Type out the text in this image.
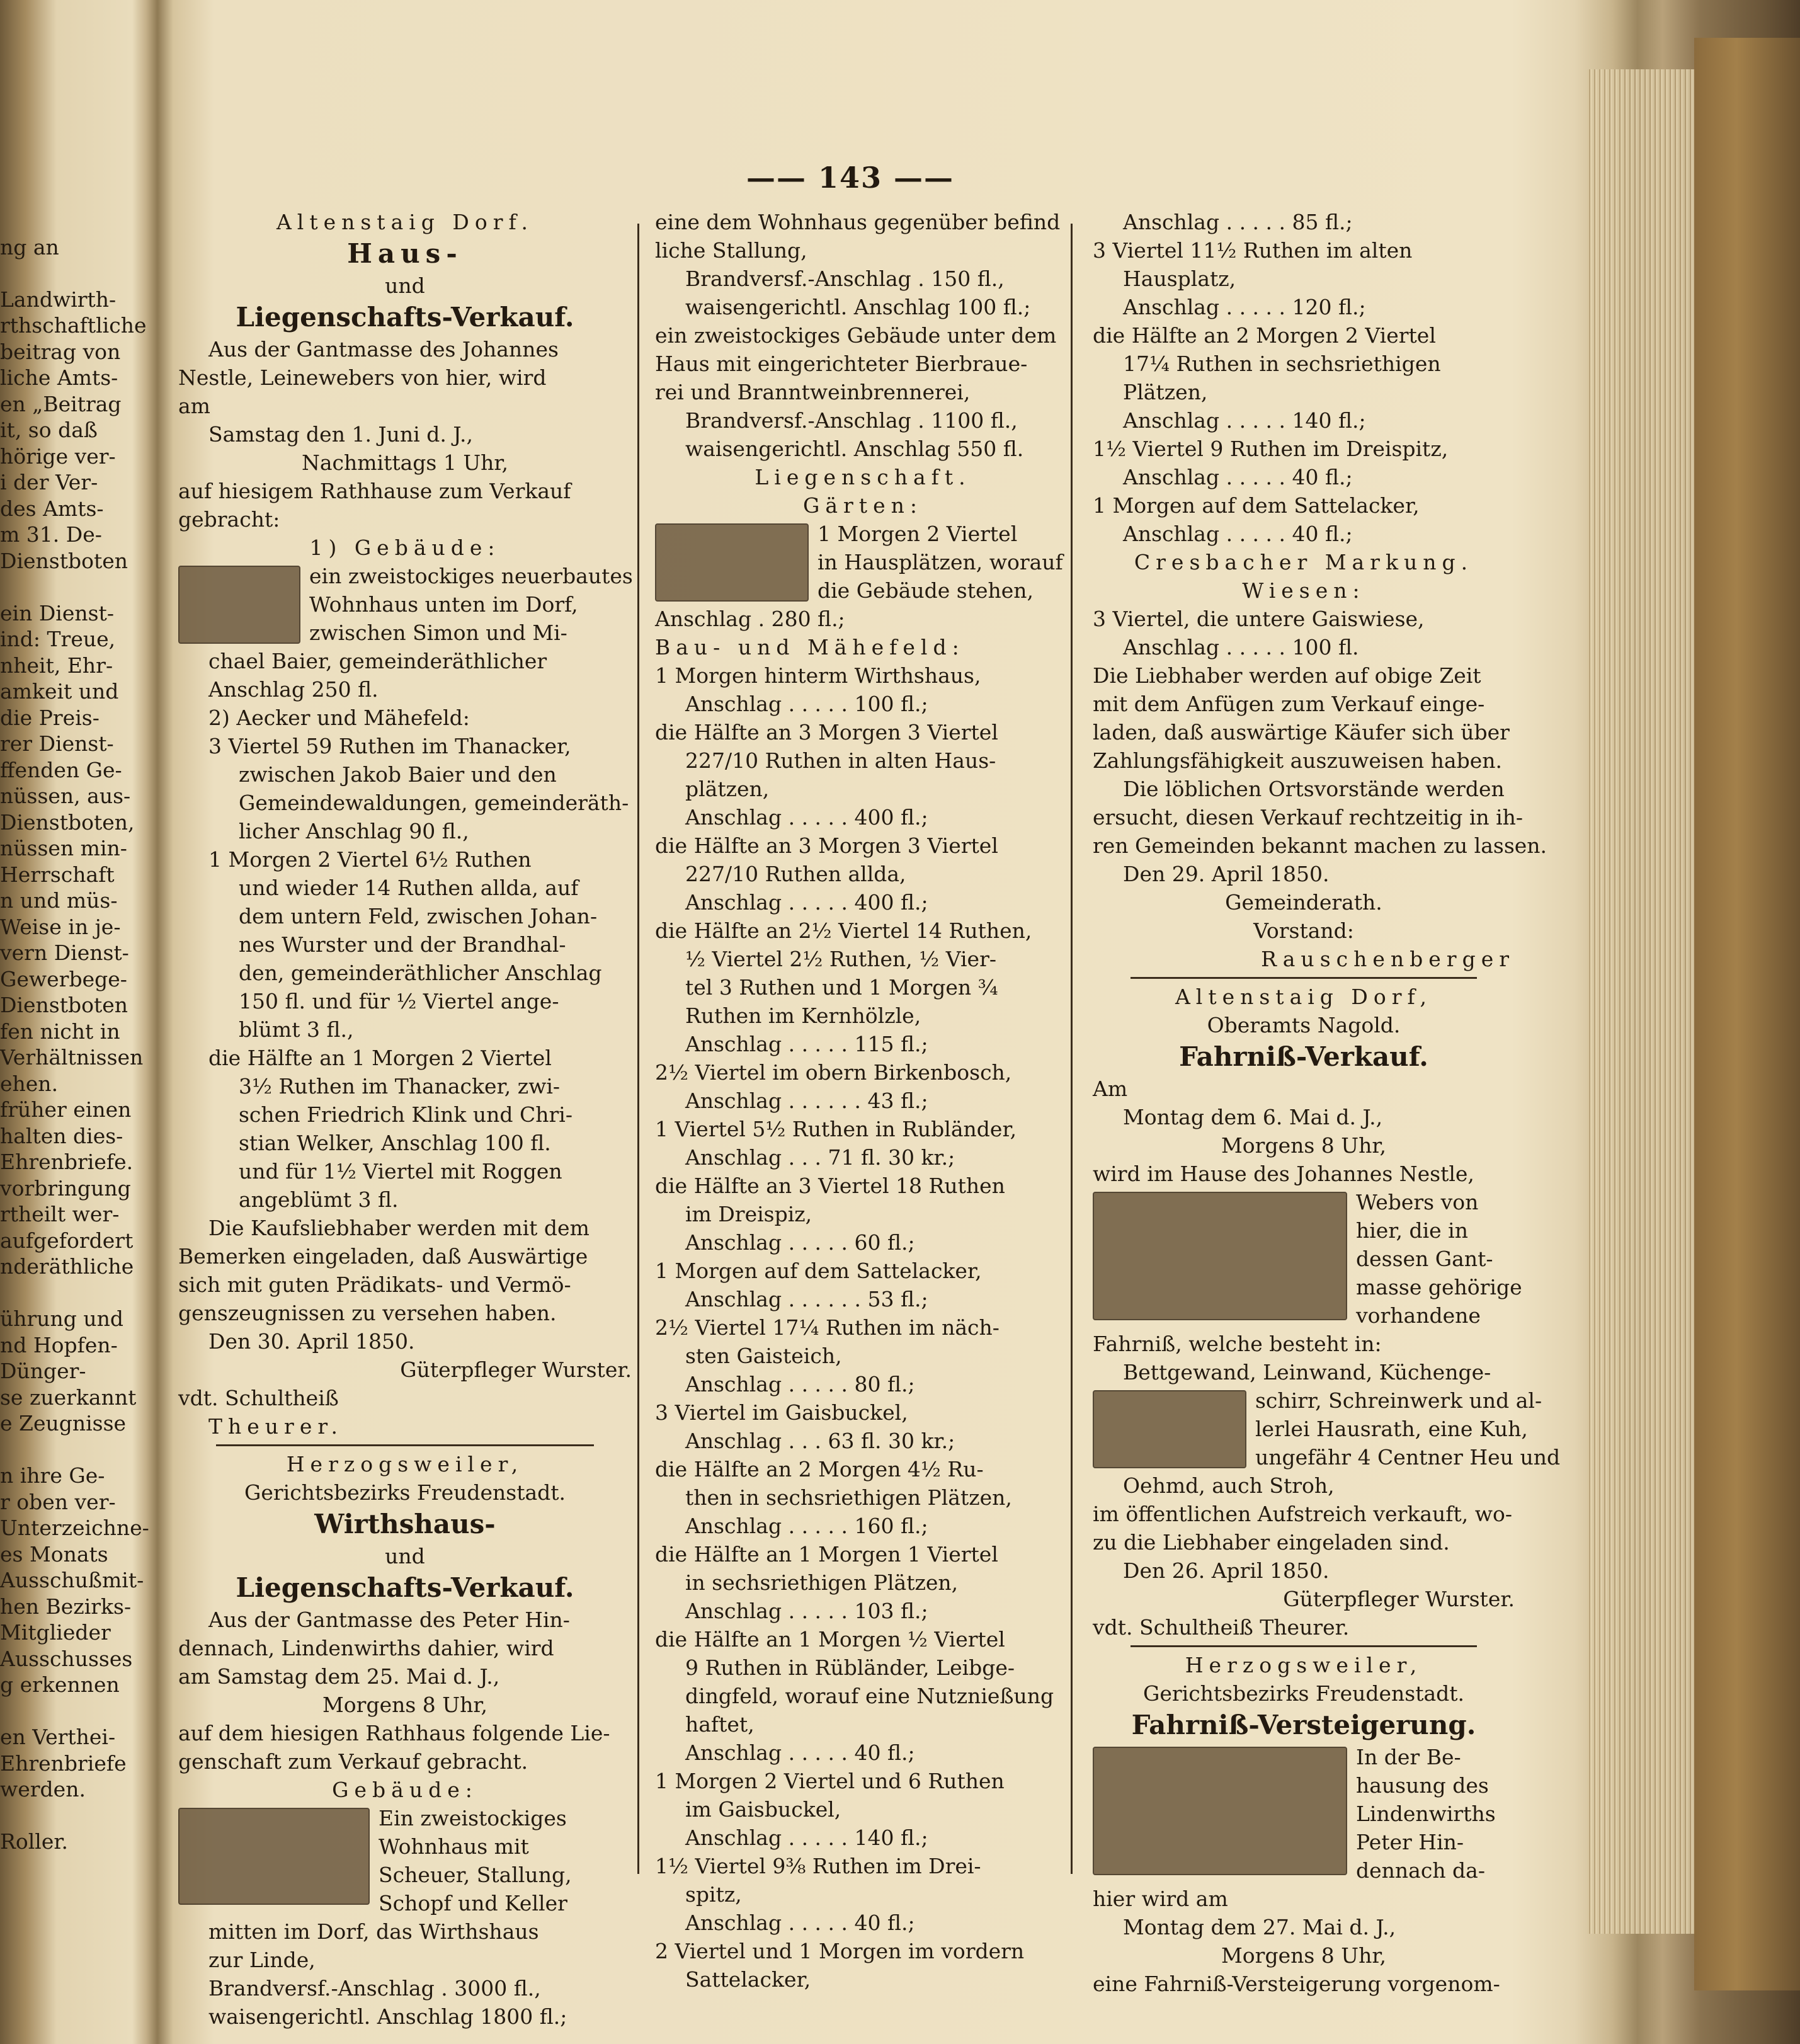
ng an

Landwirth-
rthschaftliche
beitrag von
liche Amts-
en „Beitrag
it, so daß
hörige ver-
i der Ver-
des Amts-
m 31. De-
Dienstboten

ein Dienst-
ind: Treue,
nheit, Ehr-
amkeit und
die Preis-
rer Dienst-
ffenden Ge-
nüssen, aus-
Dienstboten,
nüssen min-
Herrschaft
n und müs-
Weise in je-
vern Dienst-
Gewerbege-
Dienstboten
fen nicht in
Verhältnissen
ehen.
früher einen
halten dies-
Ehrenbriefe.
vorbringung
rtheilt wer-
aufgefordert
nderäthliche

ührung und
nd Hopfen-
Dünger-
se zuerkannt
e Zeugnisse

n ihre Ge-
r oben ver-
Unterzeichne-
es Monats
Ausschußmit-
hen Bezirks-
Mitglieder
Ausschusses
g erkennen

en Verthei-
Ehrenbriefe
werden.

Roller.
—— 143 ——
Altenstaig Dorf.
Haus-
und
Liegenschafts-Verkauf.
Aus der Gantmasse des Johannes
Nestle, Leinewebers von hier, wird
am
Samstag den 1. Juni d. J.,
Nachmittags 1 Uhr,
auf hiesigem Rathhause zum Verkauf
gebracht:
1) Gebäude:
ein zweistockiges neuerbautes
Wohnhaus unten im Dorf,
zwischen Simon und Mi-
chael Baier, gemeinderäthlicher
Anschlag 250 fl.
2) Aecker und Mähefeld:
3 Viertel 59 Ruthen im Thanacker,
zwischen Jakob Baier und den
Gemeindewaldungen, gemeinderäth-
licher Anschlag 90 fl.,
1 Morgen 2 Viertel 6½ Ruthen
und wieder 14 Ruthen allda, auf
dem untern Feld, zwischen Johan-
nes Wurster und der Brandhal-
den, gemeinderäthlicher Anschlag
150 fl. und für ½ Viertel ange-
blümt 3 fl.,
die Hälfte an 1 Morgen 2 Viertel
3½ Ruthen im Thanacker, zwi-
schen Friedrich Klink und Chri-
stian Welker, Anschlag 100 fl.
und für 1½ Viertel mit Roggen
angeblümt 3 fl.
Die Kaufsliebhaber werden mit dem
Bemerken eingeladen, daß Auswärtige
sich mit guten Prädikats- und Vermö-
genszeugnissen zu versehen haben.
Den 30. April 1850.
Güterpfleger Wurster.
vdt. Schultheiß
Theurer.
Herzogsweiler,
Gerichtsbezirks Freudenstadt.
Wirthshaus-
und
Liegenschafts-Verkauf.
Aus der Gantmasse des Peter Hin-
dennach, Lindenwirths dahier, wird
am Samstag dem 25. Mai d. J.,
Morgens 8 Uhr,
auf dem hiesigen Rathhaus folgende Lie-
genschaft zum Verkauf gebracht.
Gebäude:
Ein zweistockiges
Wohnhaus mit
Scheuer, Stallung,
Schopf und Keller
mitten im Dorf, das Wirthshaus
zur Linde,
Brandversf.-Anschlag . 3000 fl.,
waisengerichtl. Anschlag 1800 fl.;
eine dem Wohnhaus gegenüber befind
liche Stallung,
Brandversf.-Anschlag . 150 fl.,
waisengerichtl. Anschlag 100 fl.;
ein zweistockiges Gebäude unter dem
Haus mit eingerichteter Bierbraue-
rei und Branntweinbrennerei,
Brandversf.-Anschlag . 1100 fl.,
waisengerichtl. Anschlag 550 fl.
Liegenschaft.
Gärten:
1 Morgen 2 Viertel
in Hausplätzen, worauf
die Gebäude stehen,
Anschlag . 280 fl.;
Bau- und Mähefeld:
1 Morgen hinterm Wirthshaus,
Anschlag . . . . . 100 fl.;
die Hälfte an 3 Morgen 3 Viertel
227/10 Ruthen in alten Haus-
plätzen,
Anschlag . . . . . 400 fl.;
die Hälfte an 3 Morgen 3 Viertel
227/10 Ruthen allda,
Anschlag . . . . . 400 fl.;
die Hälfte an 2½ Viertel 14 Ruthen,
½ Viertel 2½ Ruthen, ½ Vier-
tel 3 Ruthen und 1 Morgen ¾
Ruthen im Kernhölzle,
Anschlag . . . . . 115 fl.;
2½ Viertel im obern Birkenbosch,
Anschlag . . . . . . 43 fl.;
1 Viertel 5½ Ruthen in Rubländer,
Anschlag . . . 71 fl. 30 kr.;
die Hälfte an 3 Viertel 18 Ruthen
im Dreispiz,
Anschlag . . . . . 60 fl.;
1 Morgen auf dem Sattelacker,
Anschlag . . . . . . 53 fl.;
2½ Viertel 17¼ Ruthen im näch-
sten Gaisteich,
Anschlag . . . . . 80 fl.;
3 Viertel im Gaisbuckel,
Anschlag . . . 63 fl. 30 kr.;
die Hälfte an 2 Morgen 4½ Ru-
then in sechsriethigen Plätzen,
Anschlag . . . . . 160 fl.;
die Hälfte an 1 Morgen 1 Viertel
in sechsriethigen Plätzen,
Anschlag . . . . . 103 fl.;
die Hälfte an 1 Morgen ½ Viertel
9 Ruthen in Rübländer, Leibge-
dingfeld, worauf eine Nutznießung
haftet,
Anschlag . . . . . 40 fl.;
1 Morgen 2 Viertel und 6 Ruthen
im Gaisbuckel,
Anschlag . . . . . 140 fl.;
1½ Viertel 9⅜ Ruthen im Drei-
spitz,
Anschlag . . . . . 40 fl.;
2 Viertel und 1 Morgen im vordern
Sattelacker,
Anschlag . . . . . 85 fl.;
3 Viertel 11½ Ruthen im alten
Hausplatz,
Anschlag . . . . . 120 fl.;
die Hälfte an 2 Morgen 2 Viertel
17¼ Ruthen in sechsriethigen
Plätzen,
Anschlag . . . . . 140 fl.;
1½ Viertel 9 Ruthen im Dreispitz,
Anschlag . . . . . 40 fl.;
1 Morgen auf dem Sattelacker,
Anschlag . . . . . 40 fl.;
Cresbacher Markung.
Wiesen:
3 Viertel, die untere Gaiswiese,
Anschlag . . . . . 100 fl.
Die Liebhaber werden auf obige Zeit
mit dem Anfügen zum Verkauf einge-
laden, daß auswärtige Käufer sich über
Zahlungsfähigkeit auszuweisen haben.
Die löblichen Ortsvorstände werden
ersucht, diesen Verkauf rechtzeitig in ih-
ren Gemeinden bekannt machen zu lassen.
Den 29. April 1850.
Gemeinderath.
Vorstand:
Rauschenberger
Altenstaig Dorf,
Oberamts Nagold.
Fahrniß-Verkauf.
Am
Montag dem 6. Mai d. J.,
Morgens 8 Uhr,
wird im Hause des Johannes Nestle,
Webers von
hier, die in
dessen Gant-
masse gehörige
vorhandene
Fahrniß, welche besteht in:
Bettgewand, Leinwand, Küchenge-
schirr, Schreinwerk und al-
lerlei Hausrath, eine Kuh,
ungefähr 4 Centner Heu und
Oehmd, auch Stroh,
im öffentlichen Aufstreich verkauft, wo-
zu die Liebhaber eingeladen sind.
Den 26. April 1850.
Güterpfleger Wurster.
vdt. Schultheiß Theurer.
Herzogsweiler,
Gerichtsbezirks Freudenstadt.
Fahrniß-Versteigerung.
In der Be-
hausung des
Lindenwirths
Peter Hin-
dennach da-
hier wird am
Montag dem 27. Mai d. J.,
Morgens 8 Uhr,
eine Fahrniß-Versteigerung vorgenom-
